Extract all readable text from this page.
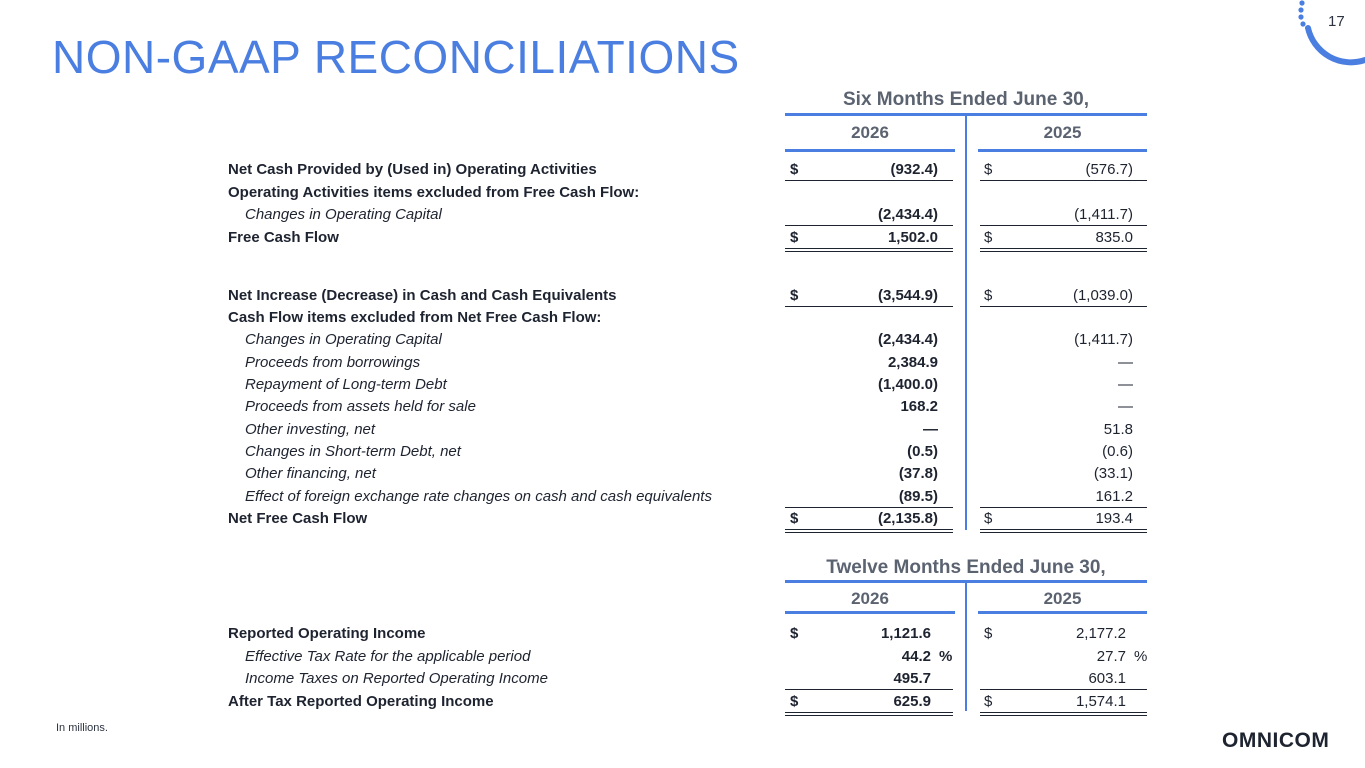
NON-GAAP RECONCILIATIONS
17
Six Months Ended June 30,
2026	2025
Net Cash Provided by (Used in) Operating Activities	$	(932.4)	$	(576.7)
Operating Activities items excluded from Free Cash Flow:
Changes in Operating Capital	(2,434.4)	(1,411.7)
Free Cash Flow	$	1,502.0	$	835.0
Net Increase (Decrease) in Cash and Cash Equivalents	$	(3,544.9)	$	(1,039.0)
Cash Flow items excluded from Net Free Cash Flow:
Changes in Operating Capital	(2,434.4)	(1,411.7)
Proceeds from borrowings	2,384.9	—
Repayment of Long-term Debt	(1,400.0)	—
Proceeds from assets held for sale	168.2	—
Other investing, net	—	51.8
Changes in Short-term Debt, net	(0.5)	(0.6)
Other financing, net	(37.8)	(33.1)
Effect of foreign exchange rate changes on cash and cash equivalents	(89.5)	161.2
Net Free Cash Flow	$	(2,135.8)	$	193.4
Twelve Months Ended June 30,
2026	2025
Reported Operating Income	$	1,121.6	$	2,177.2
Effective Tax Rate for the applicable period	44.2 %	27.7 %
Income Taxes on Reported Operating Income	495.7	603.1
After Tax Reported Operating Income	$	625.9	$	1,574.1
In millions.
OMNICOM
